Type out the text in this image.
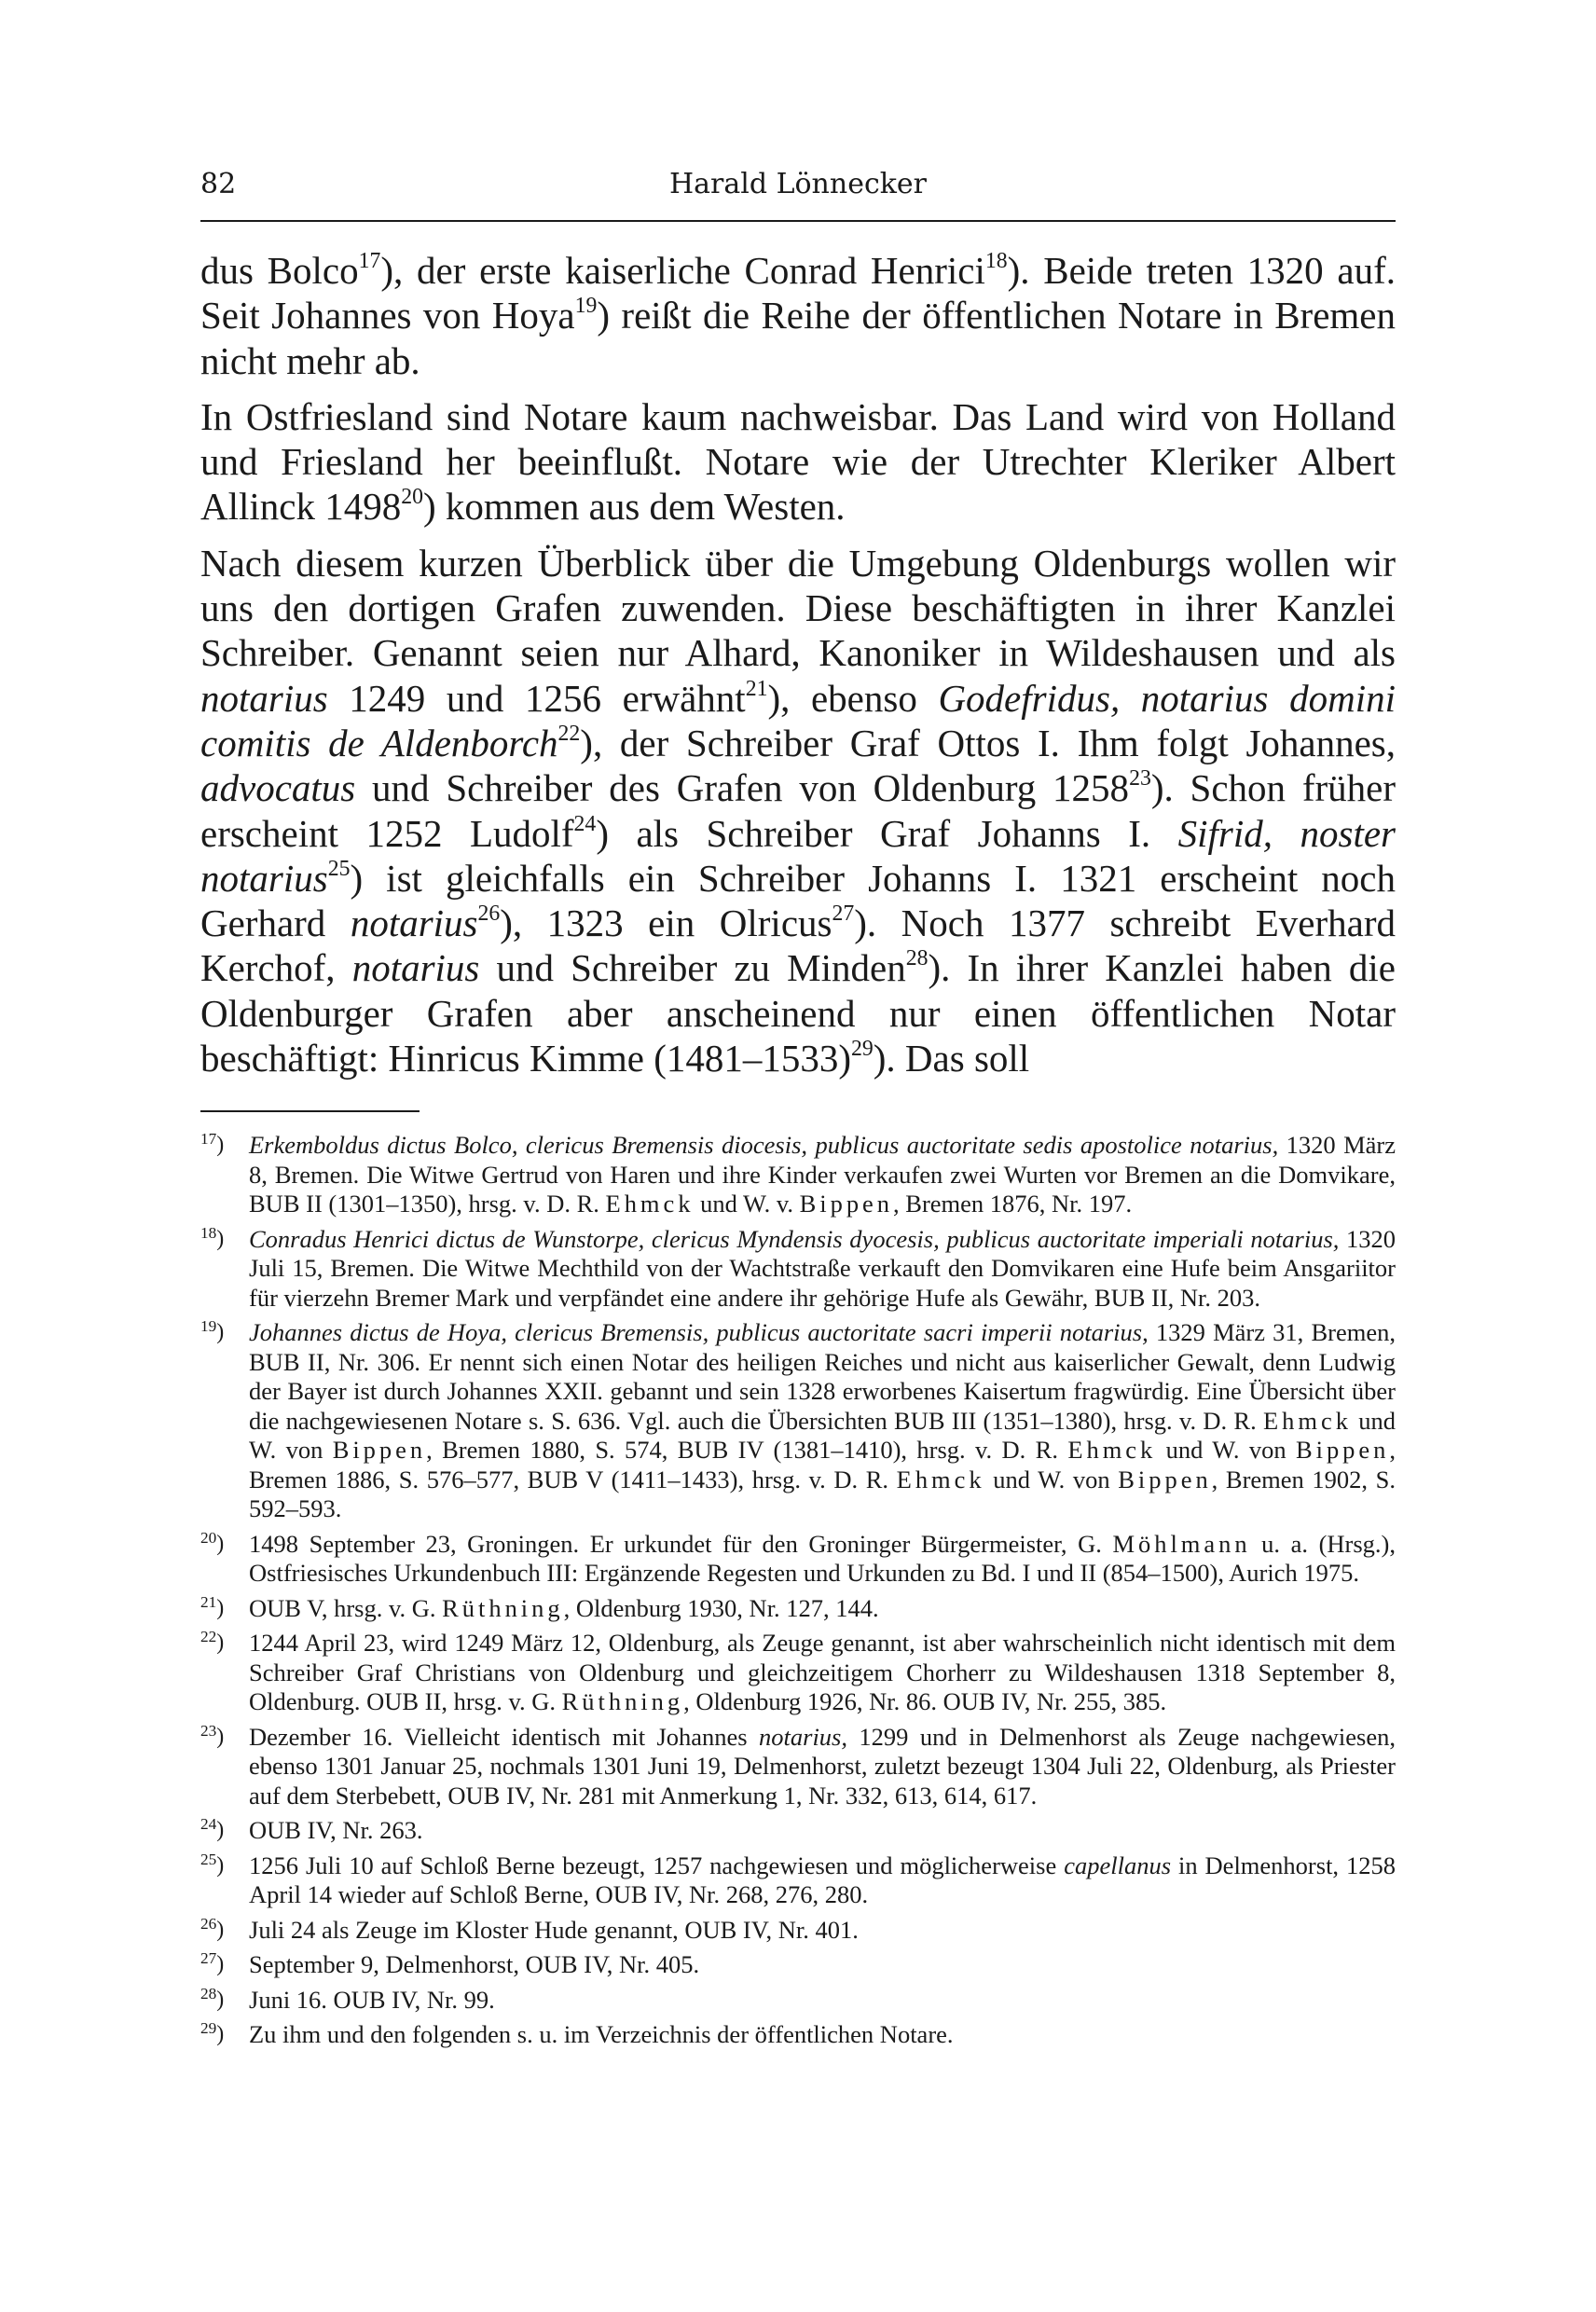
82	Harald Lönnecker

dus Bolco$^{17}$), der erste kaiserliche Conrad Henrici$^{18}$). Beide treten 1320 auf. Seit Johannes von Hoya$^{19}$) reißt die Reihe der öffentlichen Notare in Bremen nicht mehr ab.

In Ostfriesland sind Notare kaum nachweisbar. Das Land wird von Holland und Friesland her beeinflußt. Notare wie der Utrechter Kleriker Albert Allinck 1498$^{20}$) kommen aus dem Westen.

Nach diesem kurzen Überblick über die Umgebung Oldenburgs wollen wir uns den dortigen Grafen zuwenden. Diese beschäftigten in ihrer Kanzlei Schreiber. Genannt seien nur Alhard, Kanoniker in Wildeshausen und als notarius 1249 und 1256 erwähnt$^{21}$), ebenso Godefridus, notarius domini comitis de Aldenborch$^{22}$), der Schreiber Graf Ottos I. Ihm folgt Johannes, advocatus und Schreiber des Grafen von Oldenburg 1258$^{23}$). Schon früher erscheint 1252 Ludolf$^{24}$) als Schreiber Graf Johanns I. Sifrid, noster notarius$^{25}$) ist gleichfalls ein Schreiber Johanns I. 1321 erscheint noch Gerhard notarius$^{26}$), 1323 ein Olricus$^{27}$). Noch 1377 schreibt Everhard Kerchof, notarius und Schreiber zu Minden$^{28}$). In ihrer Kanzlei haben die Oldenburger Grafen aber anscheinend nur einen öffentlichen Notar beschäftigt: Hinricus Kimme (1481–1533)$^{29}$). Das soll

$^{17}$)	Erkemboldus dictus Bolco, clericus Bremensis diocesis, publicus auctoritate sedis apostolice notarius, 1320 März 8, Bremen. Die Witwe Gertrud von Haren und ihre Kinder verkaufen zwei Wurten vor Bremen an die Domvikare, BUB II (1301–1350), hrsg. v. D. R. Ehmck und W. v. Bippen, Bremen 1876, Nr. 197.
$^{18}$)	Conradus Henrici dictus de Wunstorpe, clericus Myndensis dyocesis, publicus auctoritate imperiali notarius, 1320 Juli 15, Bremen. Die Witwe Mechthild von der Wachtstraße verkauft den Domvikaren eine Hufe beim Ansgariitor für vierzehn Bremer Mark und verpfändet eine andere ihr gehörige Hufe als Gewähr, BUB II, Nr. 203.
$^{19}$)	Johannes dictus de Hoya, clericus Bremensis, publicus auctoritate sacri imperii notarius, 1329 März 31, Bremen, BUB II, Nr. 306. Er nennt sich einen Notar des heiligen Reiches und nicht aus kaiserlicher Gewalt, denn Ludwig der Bayer ist durch Johannes XXII. gebannt und sein 1328 erworbenes Kaisertum fragwürdig. Eine Übersicht über die nachgewiesenen Notare s. S. 636. Vgl. auch die Übersichten BUB III (1351–1380), hrsg. v. D. R. Ehmck und W. von Bippen, Bremen 1880, S. 574, BUB IV (1381–1410), hrsg. v. D. R. Ehmck und W. von Bippen, Bremen 1886, S. 576–577, BUB V (1411–1433), hrsg. v. D. R. Ehmck und W. von Bippen, Bremen 1902, S. 592–593.
$^{20}$)	1498 September 23, Groningen. Er urkundet für den Groninger Bürgermeister, G. Möhlmann u. a. (Hrsg.), Ostfriesisches Urkundenbuch III: Ergänzende Regesten und Urkunden zu Bd. I und II (854–1500), Aurich 1975.
$^{21}$)	OUB V, hrsg. v. G. Rüthning, Oldenburg 1930, Nr. 127, 144.
$^{22}$)	1244 April 23, wird 1249 März 12, Oldenburg, als Zeuge genannt, ist aber wahrscheinlich nicht identisch mit dem Schreiber Graf Christians von Oldenburg und gleichzeitigem Chorherr zu Wildeshausen 1318 September 8, Oldenburg. OUB II, hrsg. v. G. Rüthning, Oldenburg 1926, Nr. 86. OUB IV, Nr. 255, 385.
$^{23}$)	Dezember 16. Vielleicht identisch mit Johannes notarius, 1299 und in Delmenhorst als Zeuge nachgewiesen, ebenso 1301 Januar 25, nochmals 1301 Juni 19, Delmenhorst, zuletzt bezeugt 1304 Juli 22, Oldenburg, als Priester auf dem Sterbebett, OUB IV, Nr. 281 mit Anmerkung 1, Nr. 332, 613, 614, 617.
$^{24}$)	OUB IV, Nr. 263.
$^{25}$)	1256 Juli 10 auf Schloß Berne bezeugt, 1257 nachgewiesen und möglicherweise capellanus in Delmenhorst, 1258 April 14 wieder auf Schloß Berne, OUB IV, Nr. 268, 276, 280.
$^{26}$)	Juli 24 als Zeuge im Kloster Hude genannt, OUB IV, Nr. 401.
$^{27}$)	September 9, Delmenhorst, OUB IV, Nr. 405.
$^{28}$)	Juni 16. OUB IV, Nr. 99.
$^{29}$)	Zu ihm und den folgenden s. u. im Verzeichnis der öffentlichen Notare.
